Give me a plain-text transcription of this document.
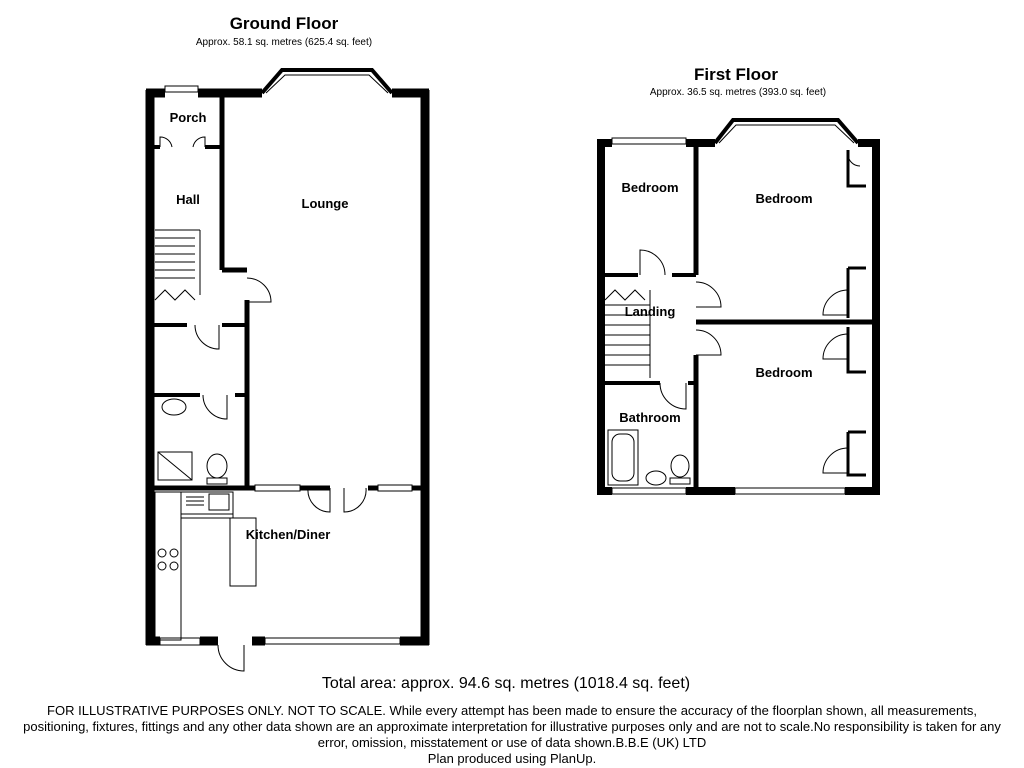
Ground Floor
Approx. 58.1 sq. metres (625.4 sq. feet)
First Floor
Approx. 36.5 sq. metres (393.0 sq. feet)
Porch
Hall	Lounge
Kitchen/Diner
Bedroom
Bedroom
Landing
Bedroom
Bathroom
Total area: approx. 94.6 sq. metres (1018.4 sq. feet)
FOR ILLUSTRATIVE PURPOSES ONLY. NOT TO SCALE. While every attempt has been made to ensure the accuracy of the floorplan shown, all measurements, positioning, fixtures, fittings and any other data shown are an approximate interpretation for illustrative purposes only and are not to scale.No responsibility is taken for any error, omission, misstatement or use of data shown.B.B.E (UK) LTD
Plan produced using PlanUp.
